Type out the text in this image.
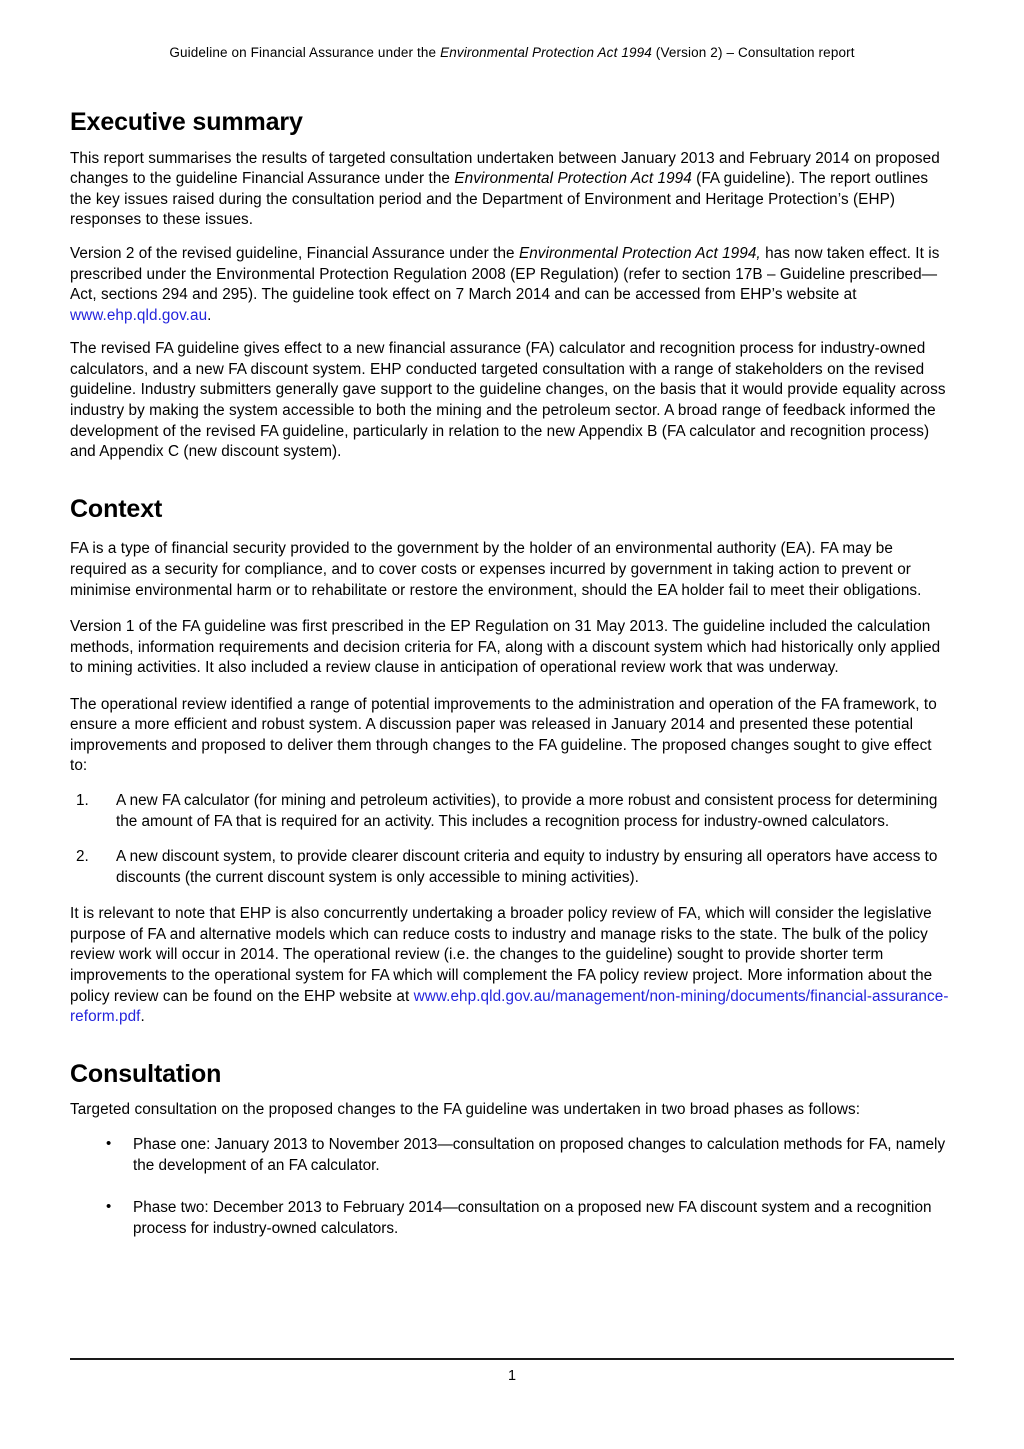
Guideline on Financial Assurance under the Environmental Protection Act 1994 (Version 2) – Consultation report
Executive summary

This report summarises the results of targeted consultation undertaken between January 2013 and February 2014 on proposed changes to the guideline Financial Assurance under the Environmental Protection Act 1994 (FA guideline). The report outlines the key issues raised during the consultation period and the Department of Environment and Heritage Protection’s (EHP) responses to these issues.

Version 2 of the revised guideline, Financial Assurance under the Environmental Protection Act 1994, has now taken effect. It is prescribed under the Environmental Protection Regulation 2008 (EP Regulation) (refer to section 17B – Guideline prescribed—Act, sections 294 and 295). The guideline took effect on 7 March 2014 and can be accessed from EHP’s website at www.ehp.qld.gov.au.

The revised FA guideline gives effect to a new financial assurance (FA) calculator and recognition process for industry-owned calculators, and a new FA discount system. EHP conducted targeted consultation with a range of stakeholders on the revised guideline. Industry submitters generally gave support to the guideline changes, on the basis that it would provide equality across industry by making the system accessible to both the mining and the petroleum sector. A broad range of feedback informed the development of the revised FA guideline, particularly in relation to the new Appendix B (FA calculator and recognition process) and Appendix C (new discount system).

Context

FA is a type of financial security provided to the government by the holder of an environmental authority (EA). FA may be required as a security for compliance, and to cover costs or expenses incurred by government in taking action to prevent or minimise environmental harm or to rehabilitate or restore the environment, should the EA holder fail to meet their obligations.

Version 1 of the FA guideline was first prescribed in the EP Regulation on 31 May 2013. The guideline included the calculation methods, information requirements and decision criteria for FA, along with a discount system which had historically only applied to mining activities. It also included a review clause in anticipation of operational review work that was underway.

The operational review identified a range of potential improvements to the administration and operation of the FA framework, to ensure a more efficient and robust system. A discussion paper was released in January 2014 and presented these potential improvements and proposed to deliver them through changes to the FA guideline. The proposed changes sought to give effect to:

A new FA calculator (for mining and petroleum activities), to provide a more robust and consistent process for determining the amount of FA that is required for an activity. This includes a recognition process for industry-owned calculators.
A new discount system, to provide clearer discount criteria and equity to industry by ensuring all operators have access to discounts (the current discount system is only accessible to mining activities).

It is relevant to note that EHP is also concurrently undertaking a broader policy review of FA, which will consider the legislative purpose of FA and alternative models which can reduce costs to industry and manage risks to the state. The bulk of the policy review work will occur in 2014. The operational review (i.e. the changes to the guideline) sought to provide shorter term improvements to the operational system for FA which will complement the FA policy review project. More information about the policy review can be found on the EHP website at www.ehp.qld.gov.au/management/non-mining/documents/financial-assurance-reform.pdf.

Consultation

Targeted consultation on the proposed changes to the FA guideline was undertaken in two broad phases as follows:

• Phase one: January 2013 to November 2013—consultation on proposed changes to calculation methods for FA, namely the development of an FA calculator.
• Phase two: December 2013 to February 2014—consultation on a proposed new FA discount system and a recognition process for industry-owned calculators.
1
